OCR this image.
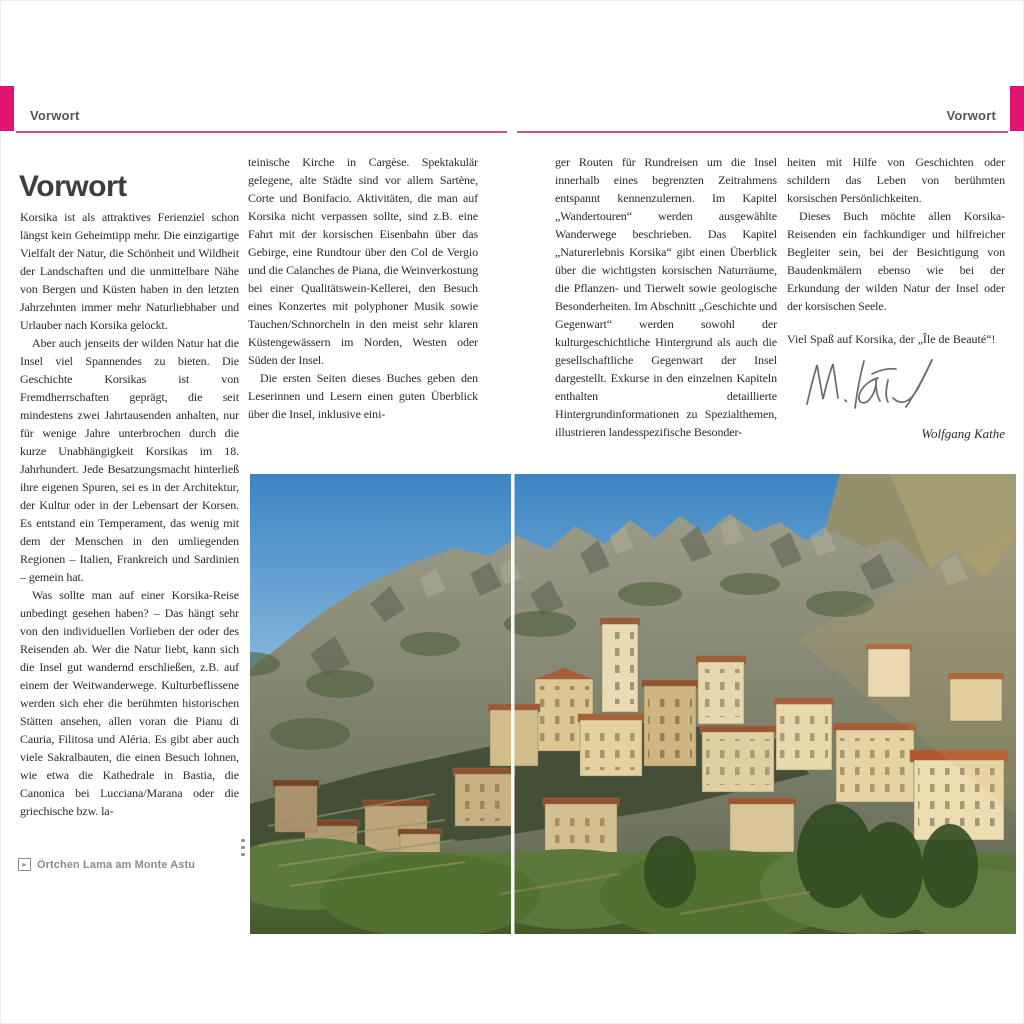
Vorwort	Vorwort
Vorwort

Korsika ist als attraktives Ferienziel schon längst kein Geheimtipp mehr. Die einzigartige Vielfalt der Natur, die Schönheit und Wildheit der Landschaften und die unmittelbare Nähe von Bergen und Küsten haben in den letzten Jahrzehnten immer mehr Naturliebhaber und Urlauber nach Korsika gelockt.

Aber auch jenseits der wilden Natur hat die Insel viel Spannendes zu bieten. Die Geschichte Korsikas ist von Fremdherrschaften geprägt, die seit mindestens zwei Jahrtausenden anhalten, nur für wenige Jahre unterbrochen durch die kurze Unabhängigkeit Korsikas im 18. Jahrhundert. Jede Besatzungsmacht hinterließ ihre eigenen Spuren, sei es in der Architektur, der Kultur oder in der Lebensart der Korsen. Es entstand ein Temperament, das wenig mit dem der Menschen in den umliegenden Regionen – Italien, Frankreich und Sardinien – gemein hat.

Was sollte man auf einer Korsika-Reise unbedingt gesehen haben? – Das hängt sehr von den individuellen Vorlieben der oder des Reisenden ab. Wer die Natur liebt, kann sich die Insel gut wandernd erschließen, z.B. auf einem der Weitwanderwege. Kulturbeflissene werden sich eher die berühmten historischen Stätten ansehen, allen voran die Pianu di Cauria, Filitosa und Aléria. Es gibt aber auch viele Sakralbauten, die einen Besuch lohnen, wie etwa die Kathedrale in Bastia, die Canonica bei Lucciana/Marana oder die griechische bzw. la-

teinische Kirche in Cargèse. Spektakulär gelegene, alte Städte sind vor allem Sartène, Corte und Bonifacio. Aktivitäten, die man auf Korsika nicht verpassen sollte, sind z.B. eine Fahrt mit der korsischen Eisenbahn über das Gebirge, eine Rundtour über den Col de Vergio und die Calanches de Piana, die Weinverkostung bei einer Qualitätswein-Kellerei, den Besuch eines Konzertes mit polyphoner Musik sowie Tauchen/Schnorcheln in den meist sehr klaren Küstengewässern im Norden, Westen oder Süden der Insel.

Die ersten Seiten dieses Buches geben den Leserinnen und Lesern einen guten Überblick über die Insel, inklusive eini-

ger Routen für Rundreisen um die Insel innerhalb eines begrenzten Zeitrahmens entspannt kennenzulernen. Im Kapitel „Wandertouren“ werden ausgewählte Wanderwege beschrieben. Das Kapitel „Naturerlebnis Korsika“ gibt einen Überblick über die wichtigsten korsischen Naturräume, die Pflanzen- und Tierwelt sowie geologische Besonderheiten. Im Abschnitt „Geschichte und Gegenwart“ werden sowohl der kulturgeschichtliche Hintergrund als auch die gesellschaftliche Gegenwart der Insel dargestellt. Exkurse in den einzelnen Kapiteln enthalten detaillierte Hintergrundinformationen zu Spezialthemen, illustrieren landesspezifische Besonder-

heiten mit Hilfe von Geschichten oder schildern das Leben von berühmten korsischen Persönlichkeiten.

Dieses Buch möchte allen Korsika-Reisenden ein fachkundiger und hilfreicher Begleiter sein, bei der Besichtigung von Baudenkmälern ebenso wie bei der Erkundung der wilden Natur der Insel oder der korsischen Seele.

Viel Spaß auf Korsika, der „Île de Beauté“!
Wolfgang Kathe
▸ Örtchen Lama am Monte Astu
